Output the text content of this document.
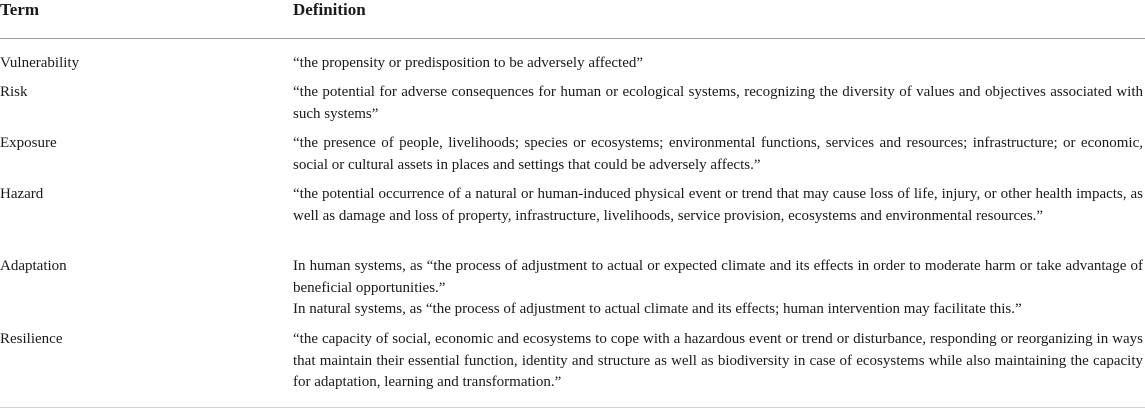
Term	Definition
Vulnerability	“the propensity or predisposition to be adversely affected”
Risk	“the potential for adverse consequences for human or ecological systems, recognizing the diversity of values and objectives associated with such systems”
Exposure	“the presence of people, livelihoods; species or ecosystems; environmental functions, services and resources; infrastructure; or economic, social or cultural assets in places and settings that could be adversely affects.”
Hazard	“the potential occurrence of a natural or human-induced physical event or trend that may cause loss of life, injury, or other health impacts, as well as damage and loss of property, infrastructure, livelihoods, service provision, ecosystems and environmental resources.”
Adaptation	In human systems, as “the process of adjustment to actual or expected climate and its effects in order to moderate harm or take advantage of beneficial opportunities.”
In natural systems, as “the process of adjustment to actual climate and its effects; human intervention may facilitate this.”
Resilience	“the capacity of social, economic and ecosystems to cope with a hazardous event or trend or disturbance, responding or reorganizing in ways that maintain their essential function, identity and structure as well as biodiversity in case of ecosystems while also maintaining the capacity for adaptation, learning and transformation.”
